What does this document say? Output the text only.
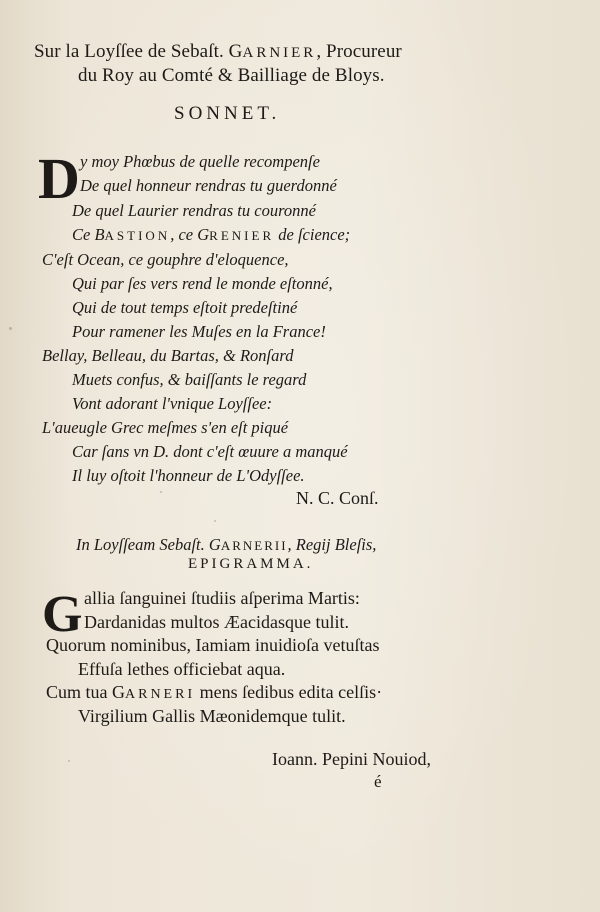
Sur la Loyſſee de Sebaſt. GARNIER, Procureur
du Roy au Comté & Bailliage de Bloys.
SONNET.
D y moy Phœbus de quelle recompenſe
De quel honneur rendras tu guerdonné
De quel Laurier rendras tu couronné
Ce BASTION, ce GRENIER de ſcience;
C'eſt Ocean, ce gouphre d'eloquence,
Qui par ſes vers rend le monde eſtonné,
Qui de tout temps eſtoit predeſtiné
Pour ramener les Muſes en la France!
Bellay, Belleau, du Bartas, & Ronſard
Muets confus, & baiſſants le regard
Vont adorant l'vnique Loyſſee:
L'aueugle Grec meſmes s'en eſt piqué
Car ſans vn D. dont c'eſt œuure a manqué
Il luy oſtoit l'honneur de L'Odyſſee.
N. C. Conſ.
In Loyſſeam Sebaſt. GARNERII, Regij Bleſis,
EPIGRAMMA.
G allia ſanguinei ſtudiis aſperima Martis:
Dardanidas multos Æacidasque tulit.
Quorum nominibus, Iamiam inuidioſa vetuſtas
Effuſa lethes officiebat aqua.
Cum tua GARNERI mens ſedibus edita celſis·
Virgilium Gallis Mæonidemque tulit.
Ioann. Pepini Nouiod,
é
